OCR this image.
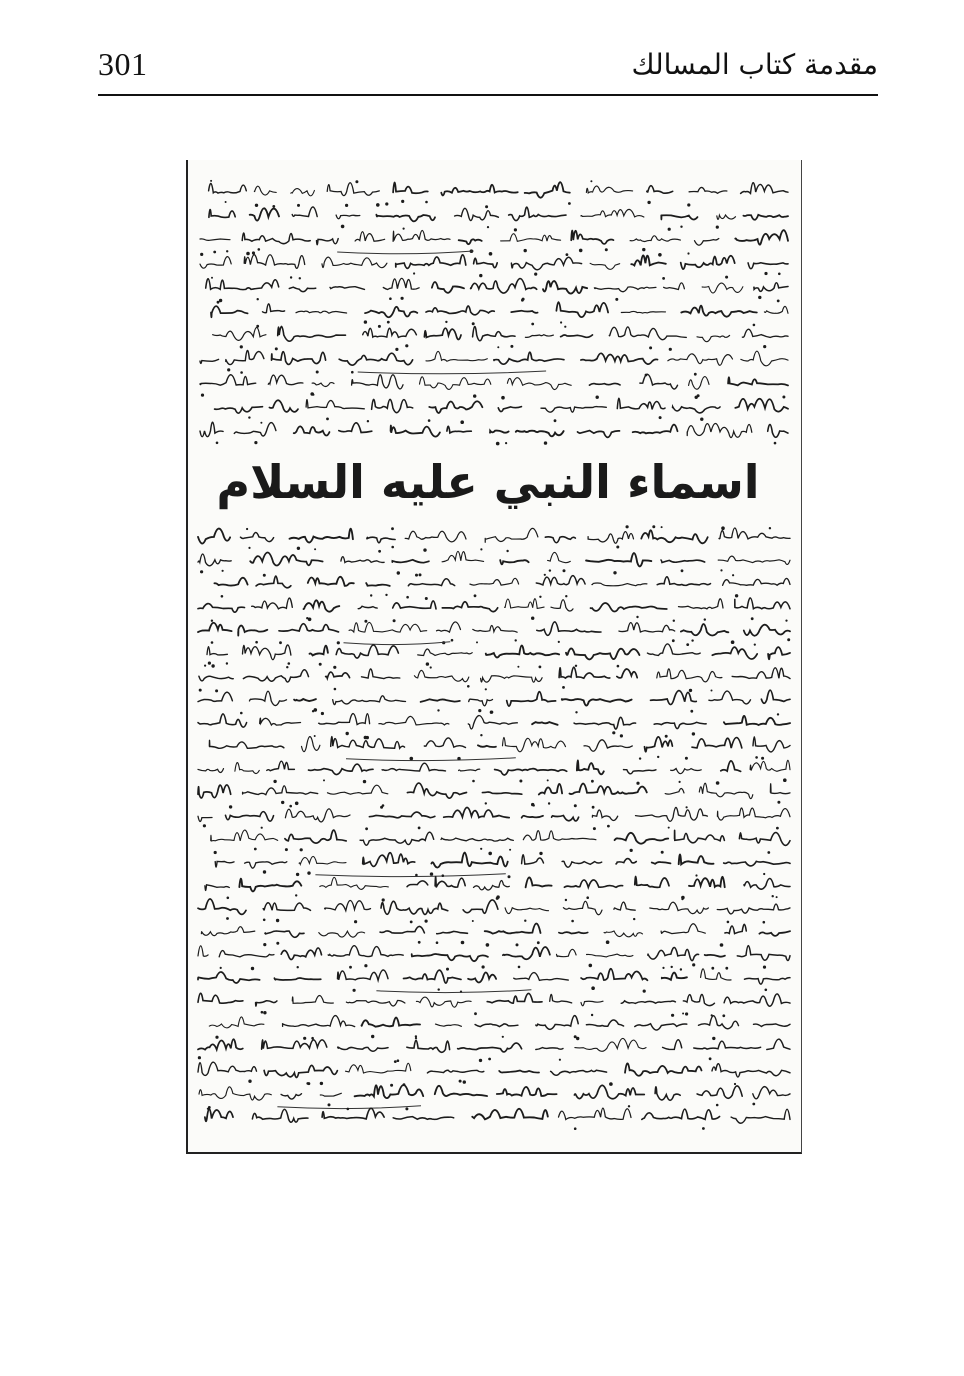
301	مقدمة كتاب المسالك
اسماء النبي عليه السلام
